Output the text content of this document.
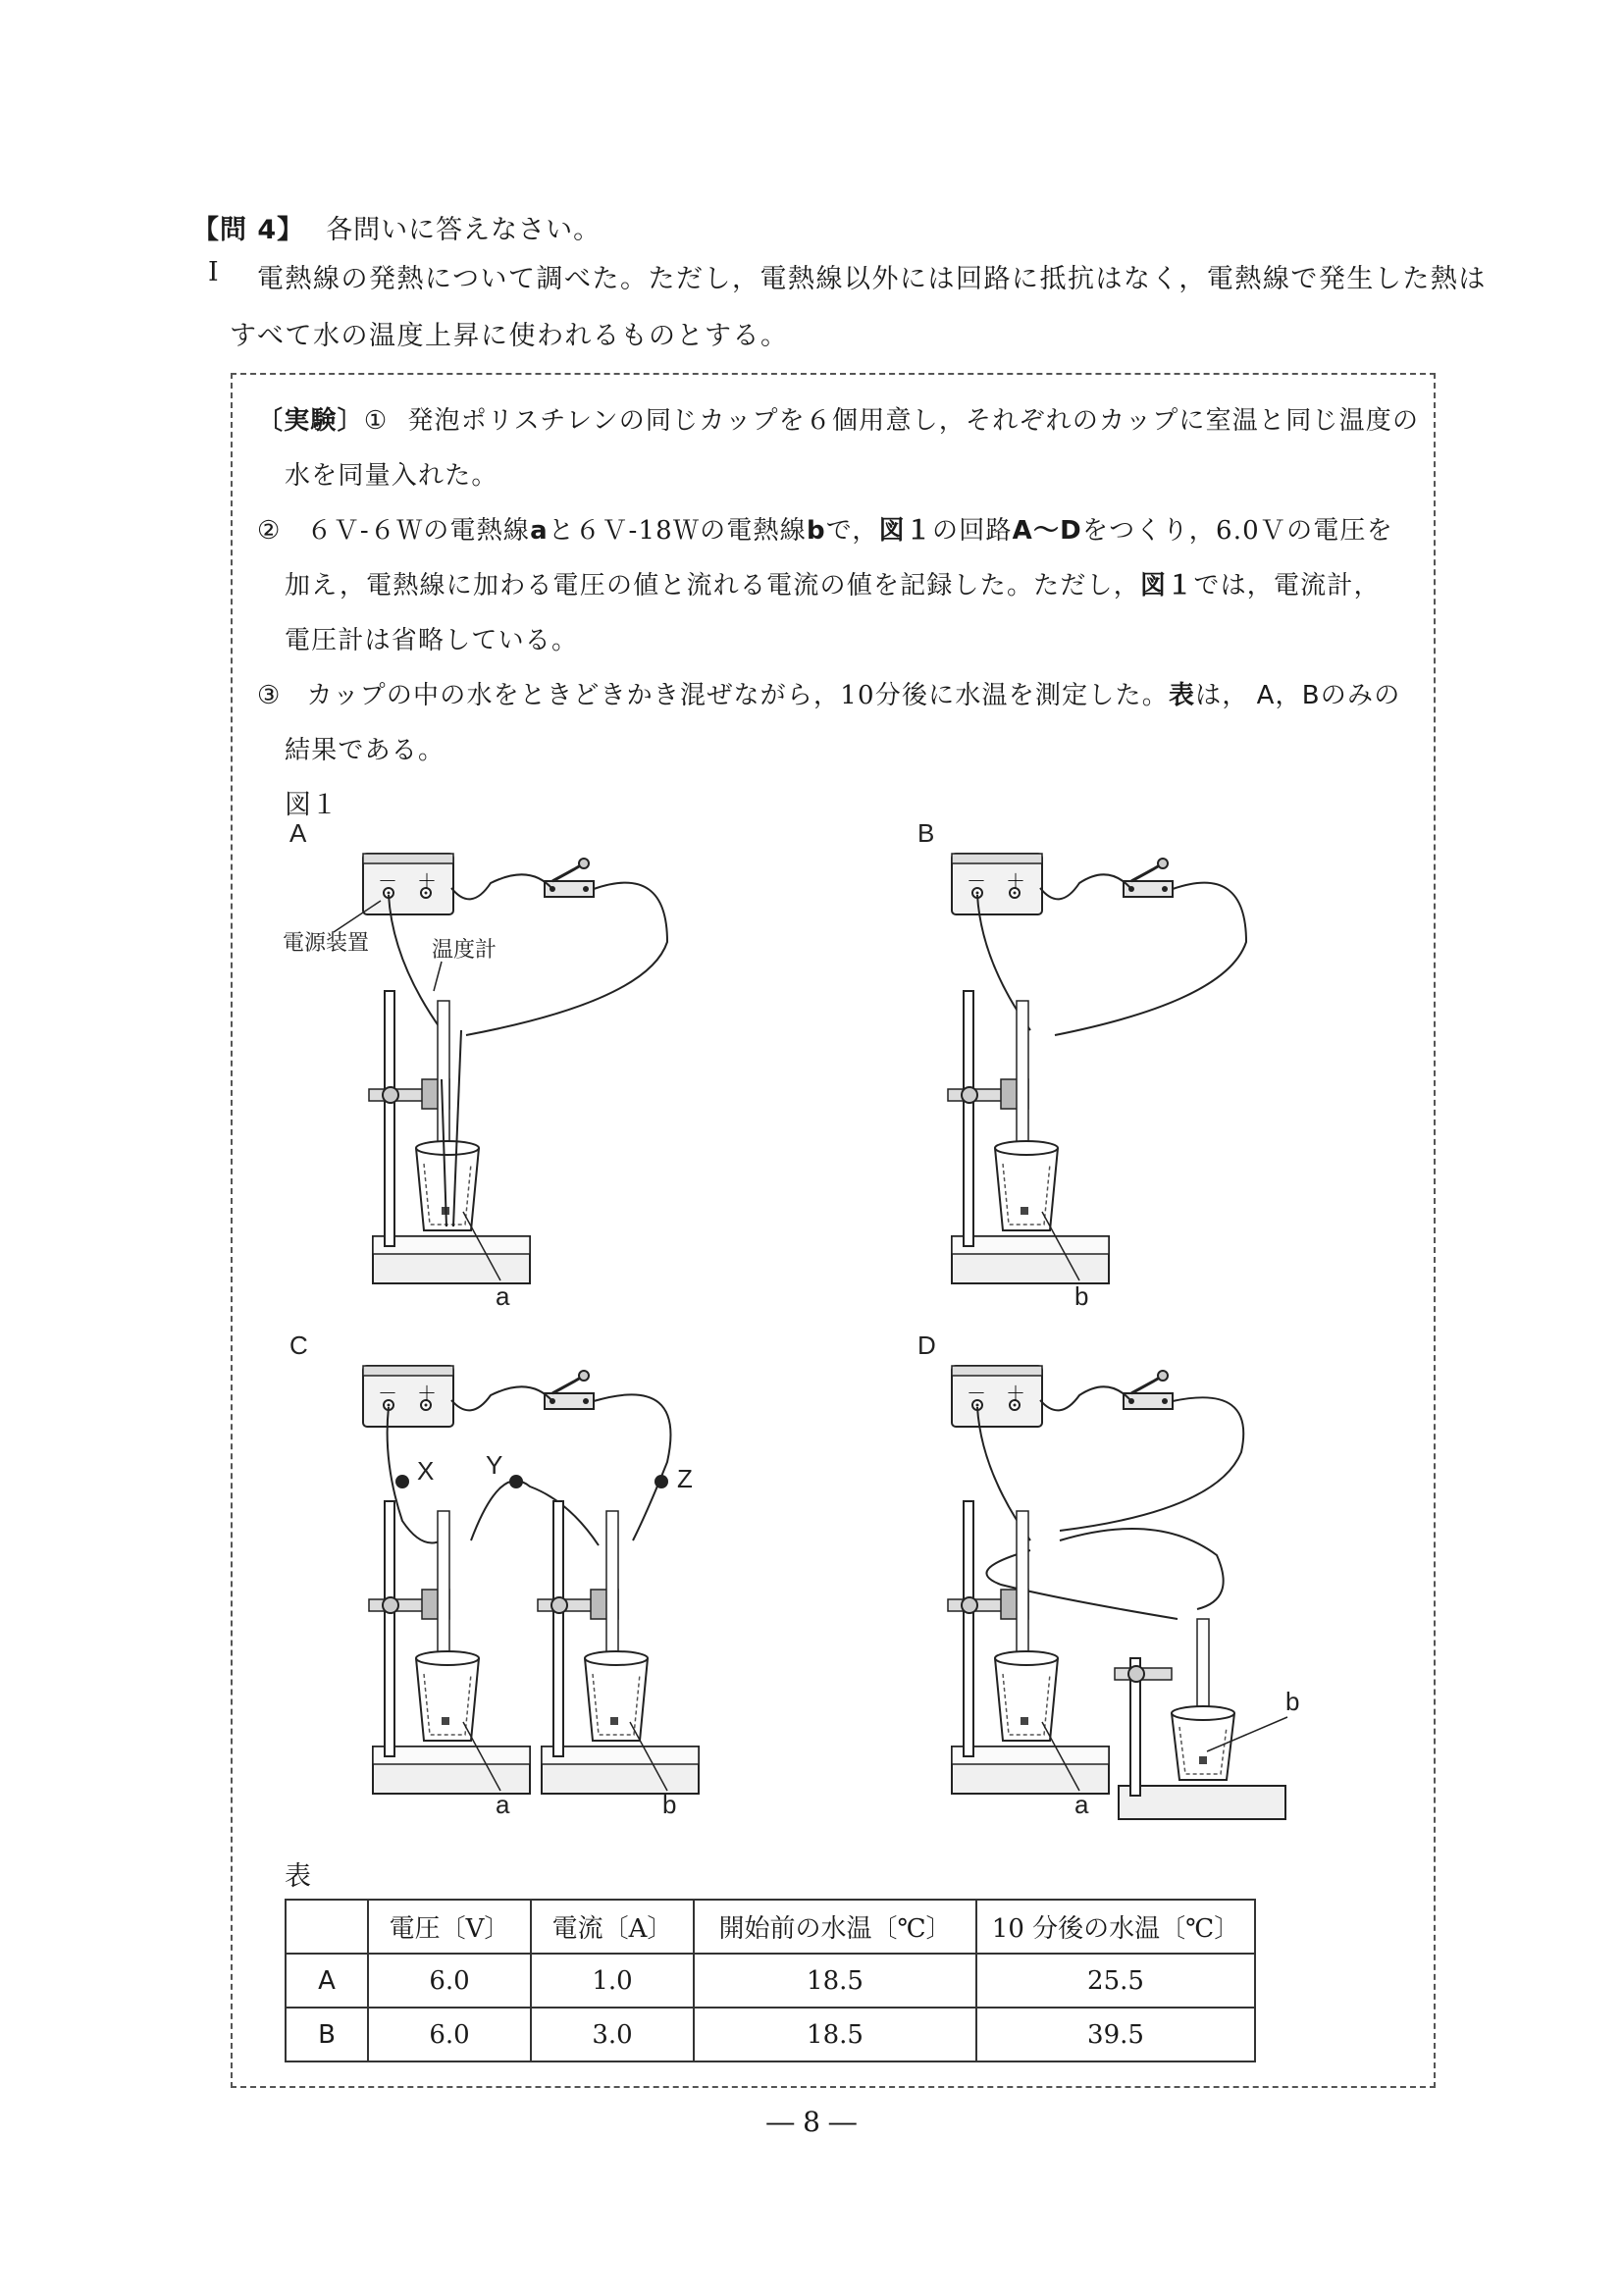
【問 4】 各問いに答えなさい。
Ⅰ 電熱線の発熱について調べた。ただし，電熱線以外には回路に抵抗はなく，電熱線で発生した熱は
すべて水の温度上昇に使われるものとする。
〔実験〕① 発泡ポリスチレンの同じカップを６個用意し，それぞれのカップに室温と同じ温度の
水を同量入れた。
② ６Ｖ-６Ｗの電熱線aと６Ｖ-18Ｗの電熱線bで，図１の回路A～Dをつくり，6.0Ｖの電圧を
加え，電熱線に加わる電圧の値と流れる電流の値を記録した。ただし，図１では，電流計，
電圧計は省略している。
③ カップの中の水をときどきかき混ぜながら，10分後に水温を測定した。表は， A，Bのみの
結果である。
図１
A
－ ＋
電源装置	温度計
a
B
－ ＋
b
C
－ ＋
X Y	Z
a	b
D
－ ＋
a
b
表
	電圧〔V〕	電流〔A〕	開始前の水温〔℃〕	10 分後の水温〔℃〕
A	6.0	1.0	18.5	25.5
B	6.0	3.0	18.5	39.5
― 8 ―
